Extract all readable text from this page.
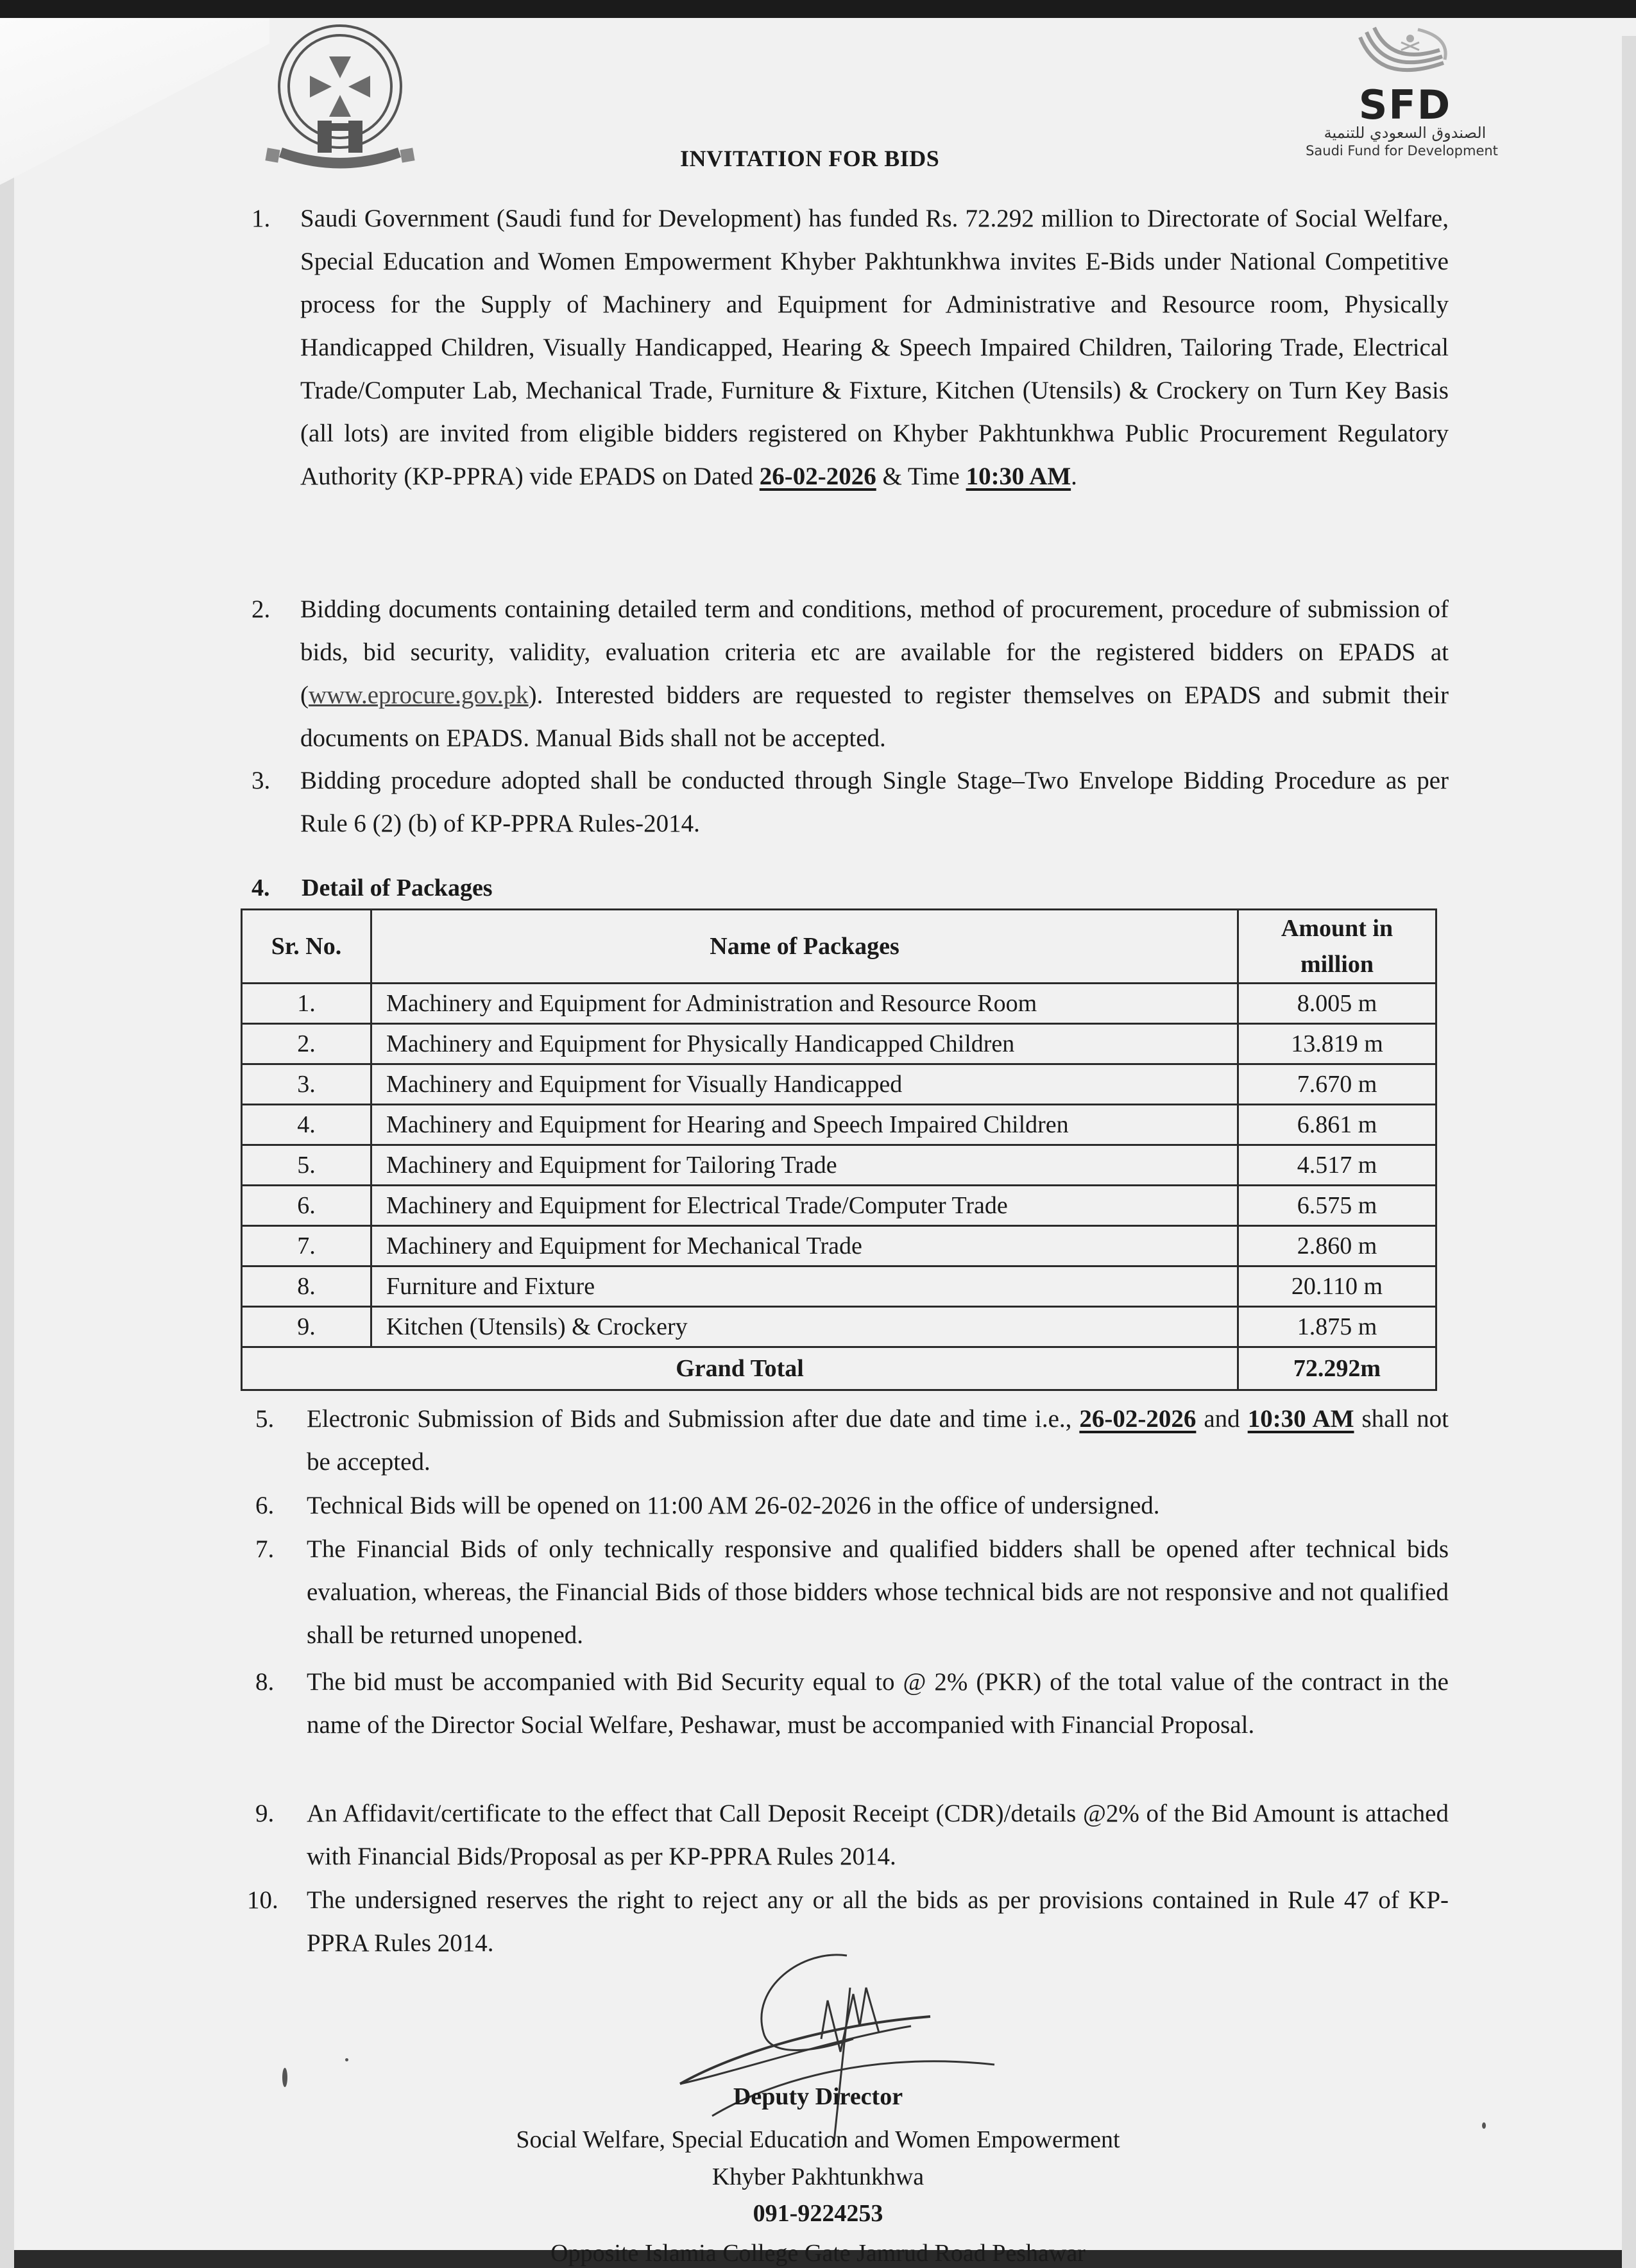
SFD
الصندوق السعودي للتنمية
Saudi Fund for Development
INVITATION FOR BIDS
1. Saudi Government (Saudi fund for Development) has funded Rs. 72.292 million to Directorate of Social Welfare, Special Education and Women Empowerment Khyber Pakhtunkhwa invites E-Bids under National Competitive process for the Supply of Machinery and Equipment for Administrative and Resource room, Physically Handicapped Children, Visually Handicapped, Hearing & Speech Impaired Children, Tailoring Trade, Electrical Trade/Computer Lab, Mechanical Trade, Furniture & Fixture, Kitchen (Utensils) & Crockery on Turn Key Basis (all lots) are invited from eligible bidders registered on Khyber Pakhtunkhwa Public Procurement Regulatory Authority (KP-PPRA) vide EPADS on Dated 26-02-2026 & Time 10:30 AM.
2. Bidding documents containing detailed term and conditions, method of procurement, procedure of submission of bids, bid security, validity, evaluation criteria etc are available for the registered bidders on EPADS at (www.eprocure.gov.pk). Interested bidders are requested to register themselves on EPADS and submit their documents on EPADS. Manual Bids shall not be accepted.
3. Bidding procedure adopted shall be conducted through Single Stage–Two Envelope Bidding Procedure as per Rule 6 (2) (b) of KP-PPRA Rules-2014.
4. Detail of Packages
Sr. No.	Name of Packages	Amount in million
1.	Machinery and Equipment for Administration and Resource Room	8.005 m
2.	Machinery and Equipment for Physically Handicapped Children	13.819 m
3.	Machinery and Equipment for Visually Handicapped	7.670 m
4.	Machinery and Equipment for Hearing and Speech Impaired Children	6.861 m
5.	Machinery and Equipment for Tailoring Trade	4.517 m
6.	Machinery and Equipment for Electrical Trade/Computer Trade	6.575 m
7.	Machinery and Equipment for Mechanical Trade	2.860 m
8.	Furniture and Fixture	20.110 m
9.	Kitchen (Utensils) & Crockery	1.875 m
Grand Total		72.292m
5. Electronic Submission of Bids and Submission after due date and time i.e., 26-02-2026 and 10:30 AM shall not be accepted.
6. Technical Bids will be opened on 11:00 AM 26-02-2026 in the office of undersigned.
7. The Financial Bids of only technically responsive and qualified bidders shall be opened after technical bids evaluation, whereas, the Financial Bids of those bidders whose technical bids are not responsive and not qualified shall be returned unopened.
8. The bid must be accompanied with Bid Security equal to @ 2% (PKR) of the total value of the contract in the name of the Director Social Welfare, Peshawar, must be accompanied with Financial Proposal.
9. An Affidavit/certificate to the effect that Call Deposit Receipt (CDR)/details @2% of the Bid Amount is attached with Financial Bids/Proposal as per KP-PPRA Rules 2014.
10. The undersigned reserves the right to reject any or all the bids as per provisions contained in Rule 47 of KP-PPRA Rules 2014.
Deputy Director
Social Welfare, Special Education and Women Empowerment
Khyber Pakhtunkhwa
091-9224253
Opposite Islamia College Gate Jamrud Road Peshawar
